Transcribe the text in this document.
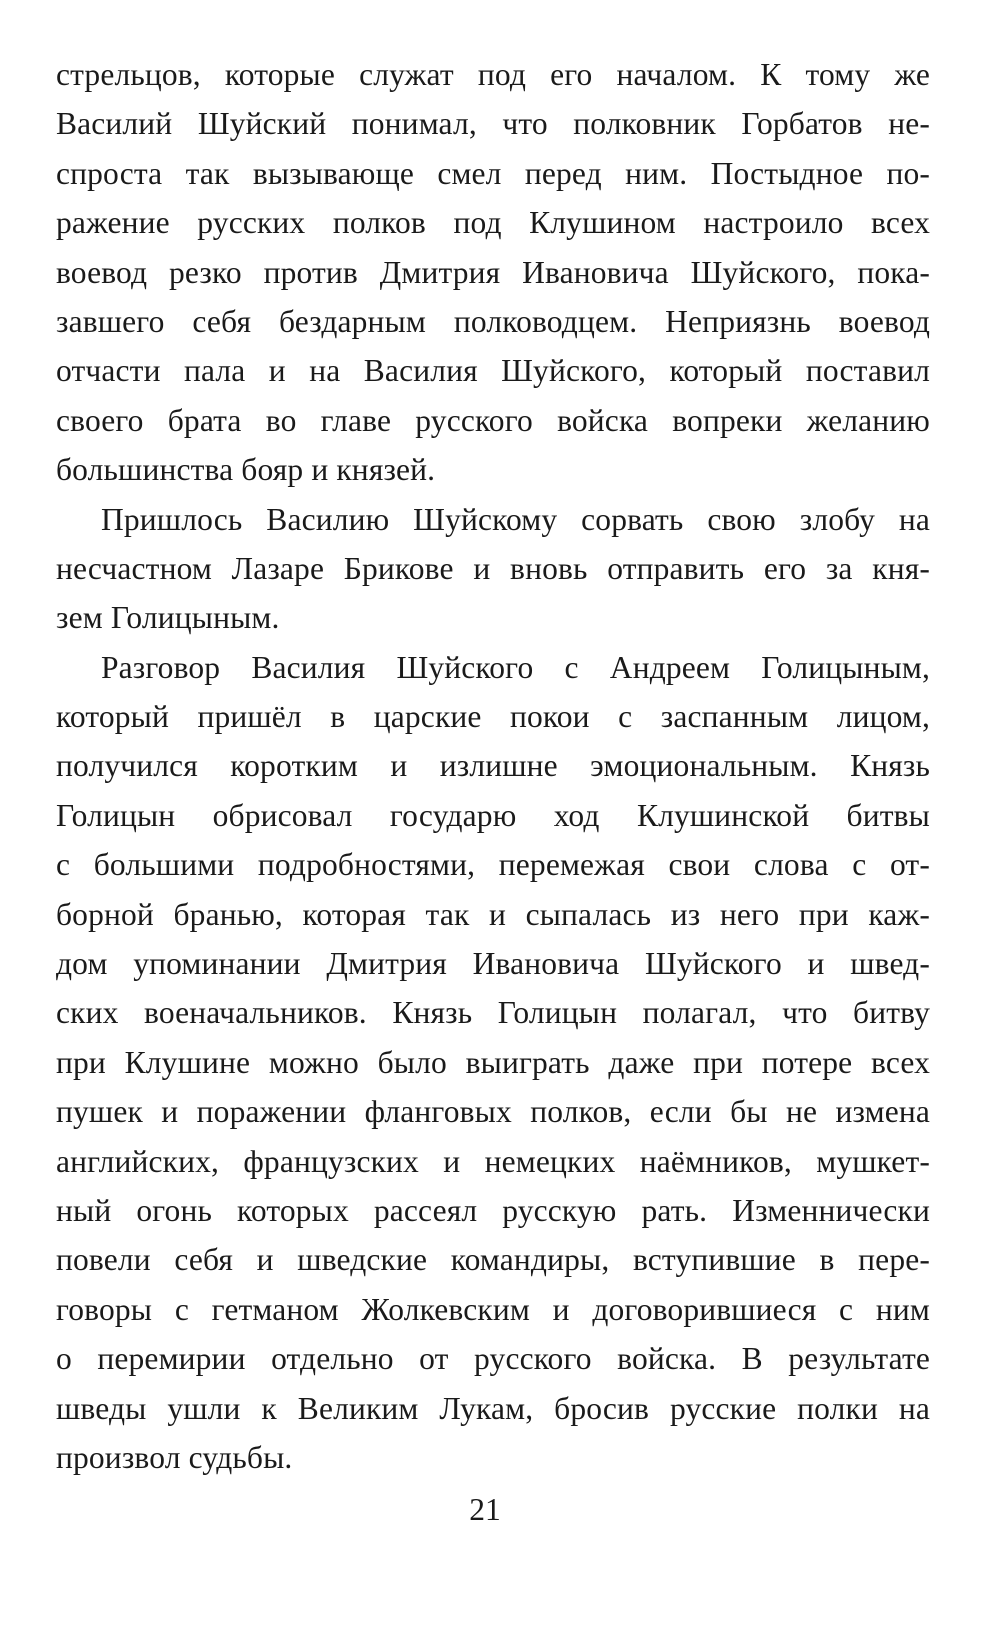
стрельцов, которые служат под его началом. К тому же
Василий Шуйский понимал, что полковник Горбатов не-
спроста так вызывающе смел перед ним. Постыдное по-
ражение русских полков под Клушином настроило всех
воевод резко против Дмитрия Ивановича Шуйского, пока-
завшего себя бездарным полководцем. Неприязнь воевод
отчасти пала и на Василия Шуйского, который поставил
своего брата во главе русского войска вопреки желанию
большинства бояр и князей.
Пришлось Василию Шуйскому сорвать свою злобу на
несчастном Лазаре Брикове и вновь отправить его за кня-
зем Голицыным.
Разговор Василия Шуйского с Андреем Голицыным,
который пришёл в царские покои с заспанным лицом,
получился коротким и излишне эмоциональным. Князь
Голицын обрисовал государю ход Клушинской битвы
с большими подробностями, перемежая свои слова с от-
борной бранью, которая так и сыпалась из него при каж-
дом упоминании Дмитрия Ивановича Шуйского и швед-
ских военачальников. Князь Голицын полагал, что битву
при Клушине можно было выиграть даже при потере всех
пушек и поражении фланговых полков, если бы не измена
английских, французских и немецких наёмников, мушкет-
ный огонь которых рассеял русскую рать. Изменнически
повели себя и шведские командиры, вступившие в пере-
говоры с гетманом Жолкевским и договорившиеся с ним
о перемирии отдельно от русского войска. В результате
шведы ушли к Великим Лукам, бросив русские полки на
произвол судьбы.
21
